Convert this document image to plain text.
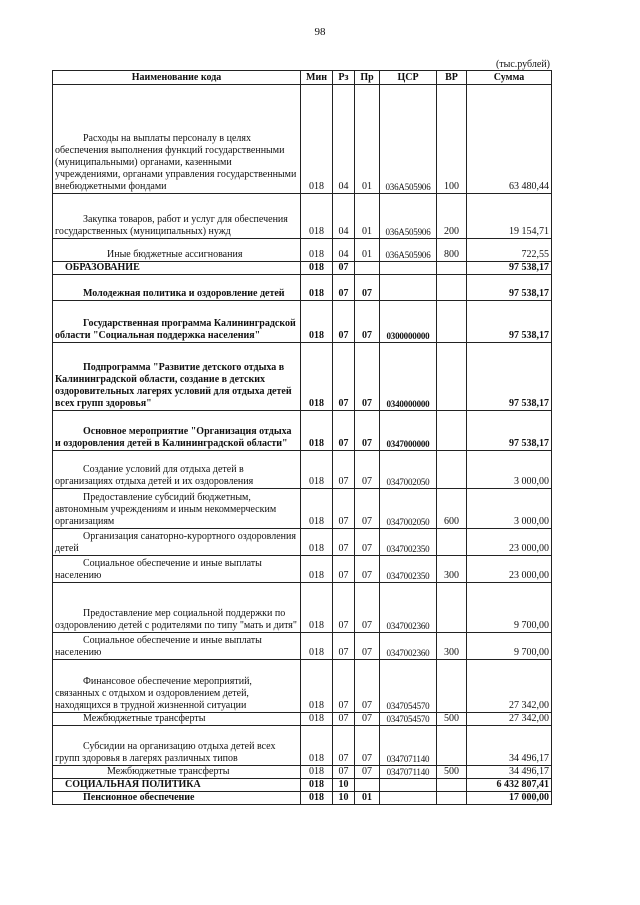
98
(тыс.рублей)
Наименование кода	Мин	Рз	Пр	ЦСР	ВР	Сумма
Расходы на выплаты персоналу в целях обеспечения выполнения функций государственными (муниципальными) органами, казенными учреждениями, органами управления государственными внебюджетными фондами	018	04	01	036А505906	100	63 480,44
Закупка товаров, работ и услуг для обеспечения государственных (муниципальных) нужд	018	04	01	036А505906	200	19 154,71
Иные бюджетные ассигнования	018	04	01	036А505906	800	722,55
ОБРАЗОВАНИЕ	018	07				97 538,17
Молодежная политика и оздоровление детей	018	07	07			97 538,17
Государственная программа Калининградской области "Социальная поддержка населения"	018	07	07	0300000000		97 538,17
Подпрограмма "Развитие детского отдыха в Калининградской области, создание в детских оздоровительных лагерях условий для отдыха детей всех групп здоровья"	018	07	07	0340000000		97 538,17
Основное мероприятие "Организация отдыха и оздоровления детей в Калининградской области"	018	07	07	0347000000		97 538,17
Создание условий для отдыха детей в организациях отдыха детей и их оздоровления	018	07	07	0347002050		3 000,00
Предоставление субсидий бюджетным, автономным учреждениям и иным некоммерческим организациям	018	07	07	0347002050	600	3 000,00
Организация санаторно-курортного оздоровления детей	018	07	07	0347002350		23 000,00
Социальное обеспечение и иные выплаты населению	018	07	07	0347002350	300	23 000,00
Предоставление мер социальной поддержки по оздоровлению детей с родителями по типу "мать и дитя"	018	07	07	0347002360		9 700,00
Социальное обеспечение и иные выплаты населению	018	07	07	0347002360	300	9 700,00
Финансовое обеспечение мероприятий, связанных с отдыхом и оздоровлением детей, находящихся в трудной жизненной ситуации	018	07	07	0347054570		27 342,00
Межбюджетные трансферты	018	07	07	0347054570	500	27 342,00
Субсидии на организацию отдыха детей всех групп здоровья в лагерях различных типов	018	07	07	0347071140		34 496,17
Межбюджетные трансферты	018	07	07	0347071140	500	34 496,17
СОЦИАЛЬНАЯ ПОЛИТИКА	018	10				6 432 807,41
Пенсионное обеспечение	018	10	01			17 000,00
